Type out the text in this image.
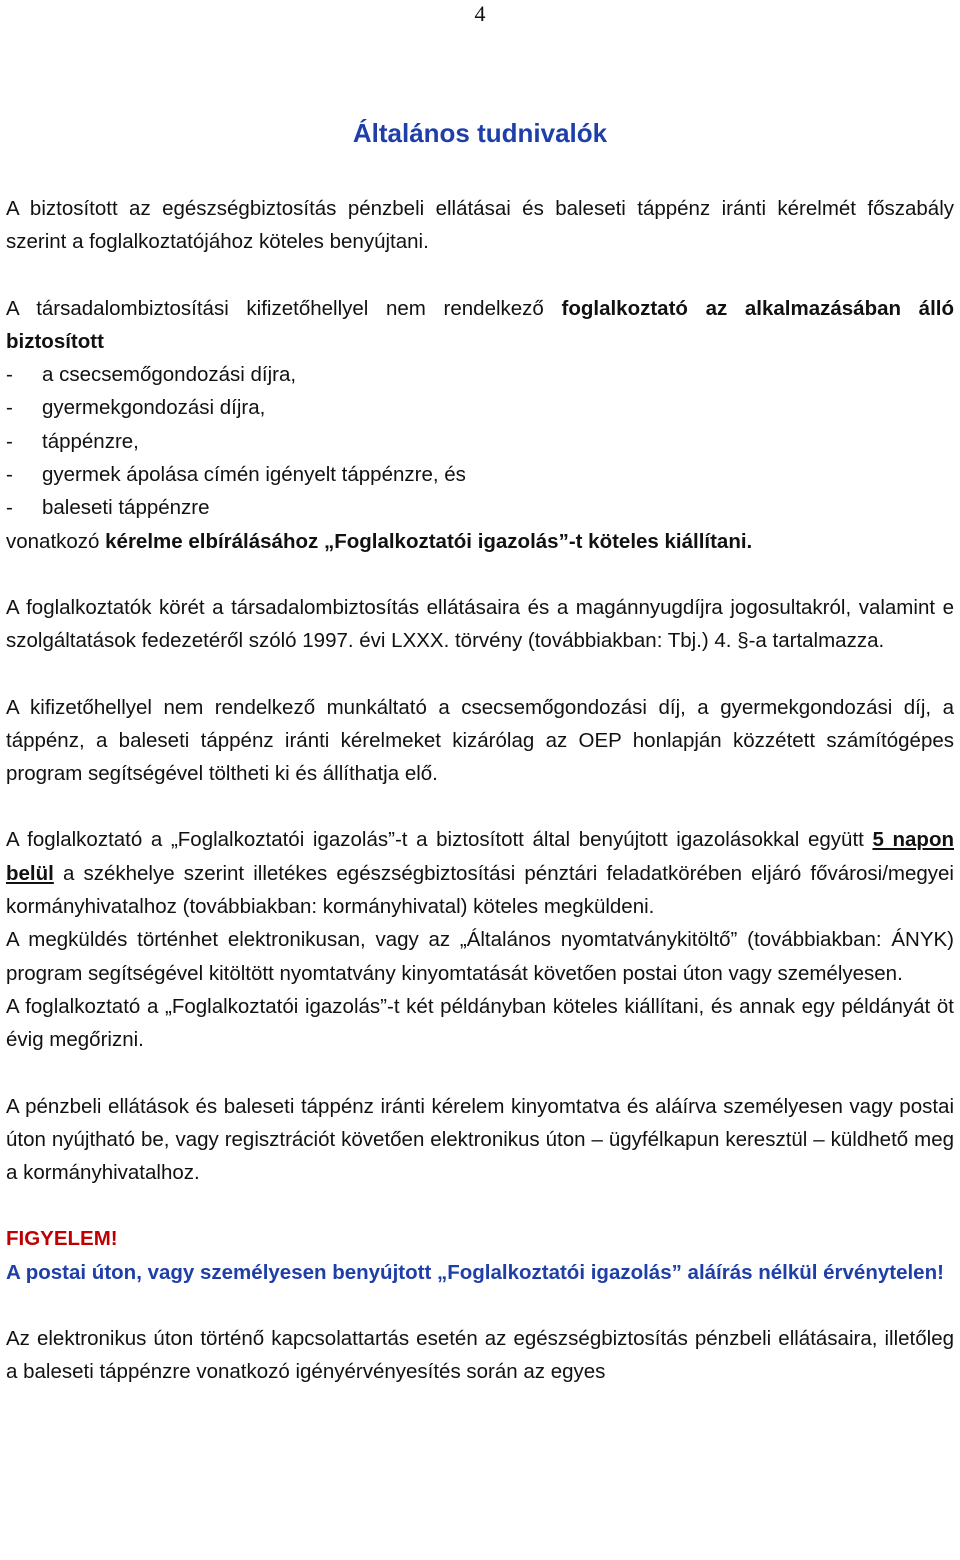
4
Általános tudnivalók

A biztosított az egészségbiztosítás pénzbeli ellátásai és baleseti táppénz iránti kérelmét főszabály szerint a foglalkoztatójához köteles benyújtani.

A társadalombiztosítási kifizetőhellyel nem rendelkező foglalkoztató az alkalmazásában álló biztosított
- a csecsemőgondozási díjra,
- gyermekgondozási díjra,
- táppénzre,
- gyermek ápolása címén igényelt táppénzre, és
- baleseti táppénzre
vonatkozó kérelme elbírálásához „Foglalkoztatói igazolás”-t köteles kiállítani.

A foglalkoztatók körét a társadalombiztosítás ellátásaira és a magánnyugdíjra jogosultakról, valamint e szolgáltatások fedezetéről szóló 1997. évi LXXX. törvény (továbbiakban: Tbj.) 4. §-a tartalmazza.

A kifizetőhellyel nem rendelkező munkáltató a csecsemőgondozási díj, a gyermekgondozási díj, a táppénz, a baleseti táppénz iránti kérelmeket kizárólag az OEP honlapján közzétett számítógépes program segítségével töltheti ki és állíthatja elő.

A foglalkoztató a „Foglalkoztatói igazolás”-t a biztosított által benyújtott igazolásokkal együtt 5 napon belül a székhelye szerint illetékes egészségbiztosítási pénztári feladatkörében eljáró fővárosi/megyei kormányhivatalhoz (továbbiakban: kormányhivatal) köteles megküldeni.

A megküldés történhet elektronikusan, vagy az „Általános nyomtatványkitöltő” (továbbiakban: ÁNYK) program segítségével kitöltött nyomtatvány kinyomtatását követően postai úton vagy személyesen.

A foglalkoztató a „Foglalkoztatói igazolás”-t két példányban köteles kiállítani, és annak egy példányát öt évig megőrizni.

A pénzbeli ellátások és baleseti táppénz iránti kérelem kinyomtatva és aláírva személyesen vagy postai úton nyújtható be, vagy regisztrációt követően elektronikus úton – ügyfélkapun keresztül – küldhető meg a kormányhivatalhoz.

FIGYELEM!
A postai úton, vagy személyesen benyújtott „Foglalkoztatói igazolás” aláírás nélkül érvénytelen!

Az elektronikus úton történő kapcsolattartás esetén az egészségbiztosítás pénzbeli ellátásaira, illetőleg a baleseti táppénzre vonatkozó igényérvényesítés során az egyes
